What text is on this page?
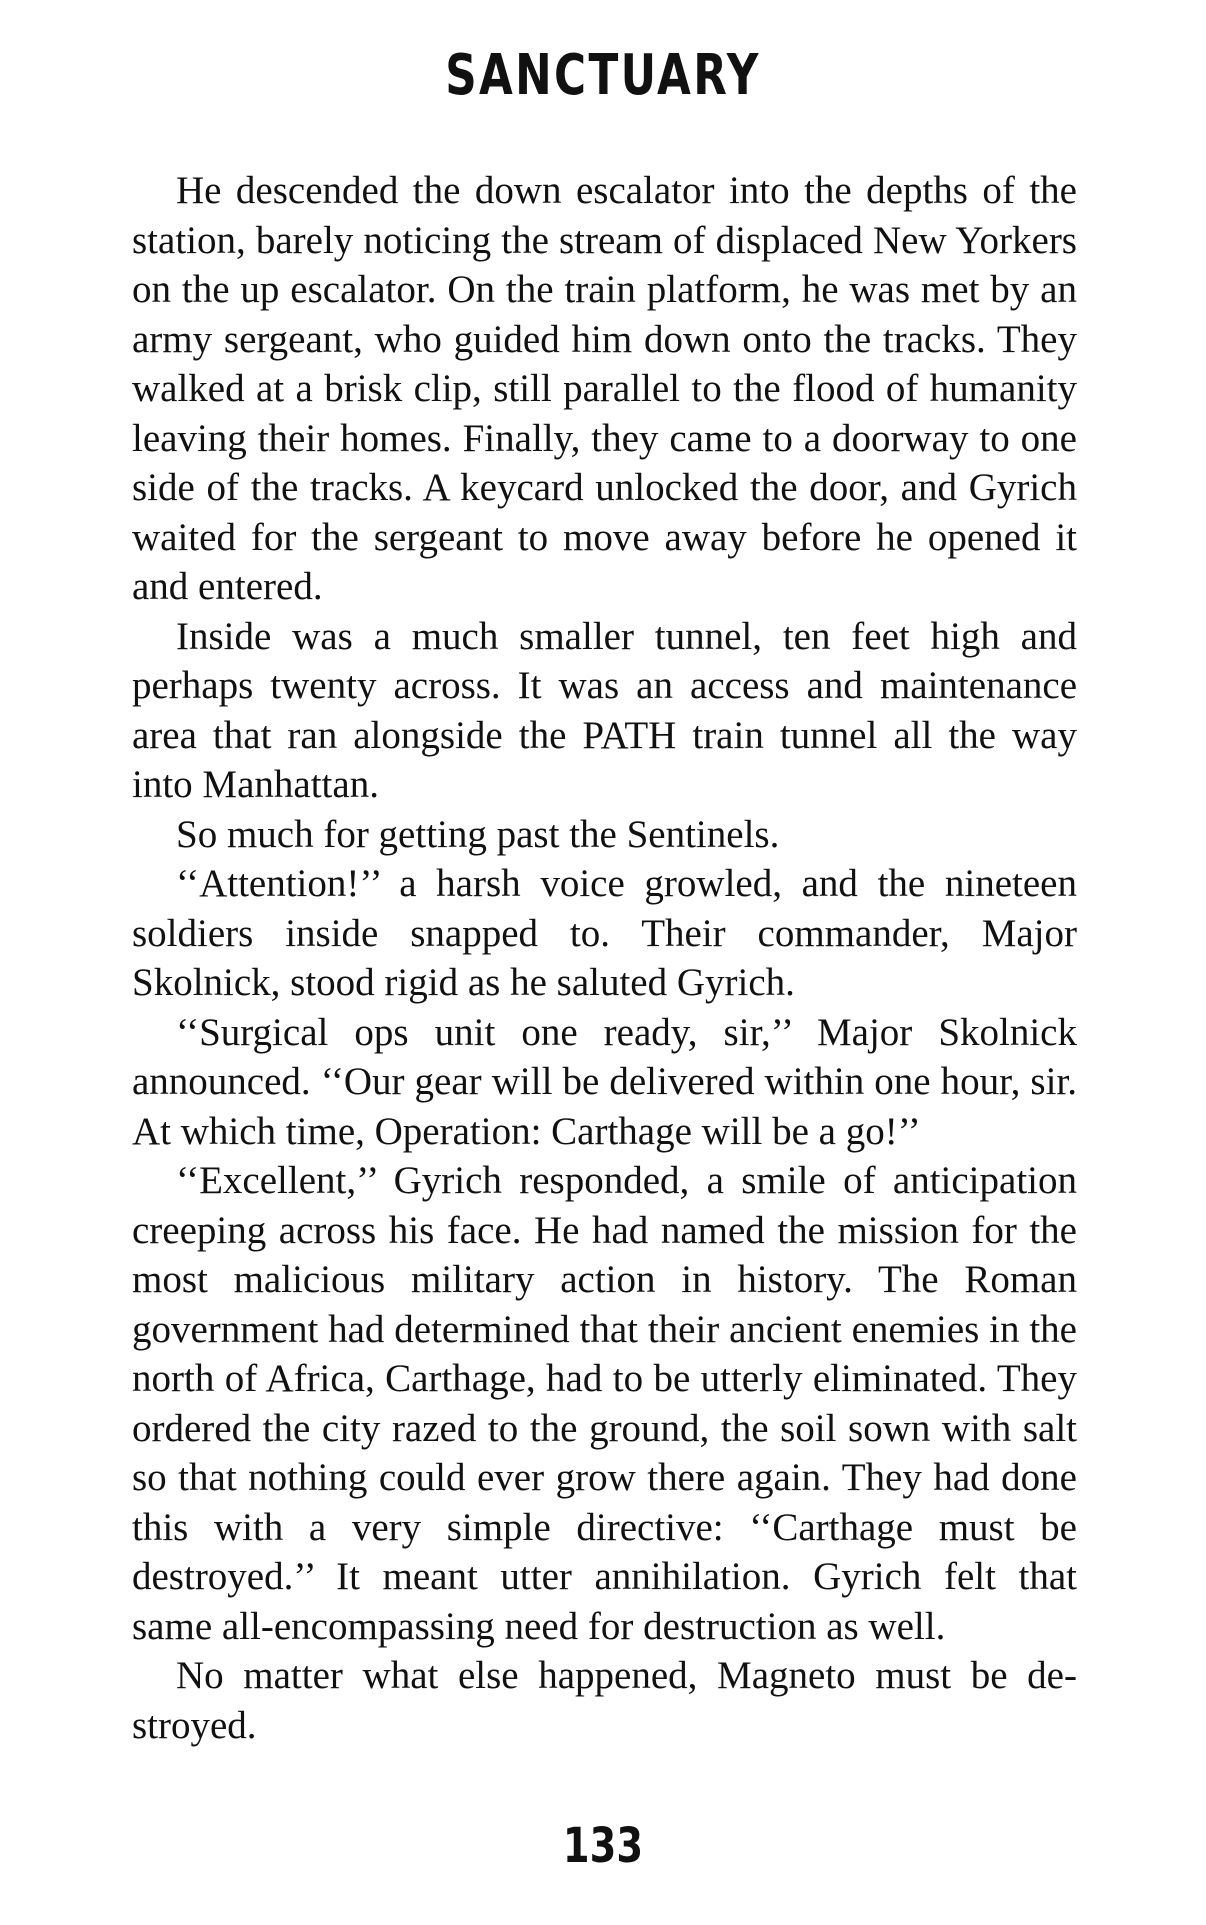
SANCTUARY

He descended the down escalator into the depths of the station, barely noticing the stream of displaced New Yorkers on the up escalator. On the train platform, he was met by an army sergeant, who guided him down onto the tracks. They walked at a brisk clip, still parallel to the flood of humanity leaving their homes. Finally, they came to a doorway to one side of the tracks. A keycard unlocked the door, and Gyrich waited for the sergeant to move away before he opened it and entered.

Inside was a much smaller tunnel, ten feet high and perhaps twenty across. It was an access and maintenance area that ran alongside the PATH train tunnel all the way into Manhattan.

So much for getting past the Sentinels.

‘‘Attention!’’ a harsh voice growled, and the nineteen soldiers inside snapped to. Their commander, Major Skolnick, stood rigid as he saluted Gyrich.

‘‘Surgical ops unit one ready, sir,’’ Major Skolnick announced. ‘‘Our gear will be delivered within one hour, sir. At which time, Operation: Carthage will be a go!’’

‘‘Excellent,’’ Gyrich responded, a smile of anticipation creeping across his face. He had named the mission for the most malicious military action in history. The Roman government had determined that their ancient enemies in the north of Africa, Carthage, had to be utterly eliminated. They ordered the city razed to the ground, the soil sown with salt so that nothing could ever grow there again. They had done this with a very simple directive: ‘‘Carthage must be destroyed.’’ It meant utter annihilation. Gyrich felt that same all-encompassing need for destruction as well.

No matter what else happened, Magneto must be destroyed.

133
